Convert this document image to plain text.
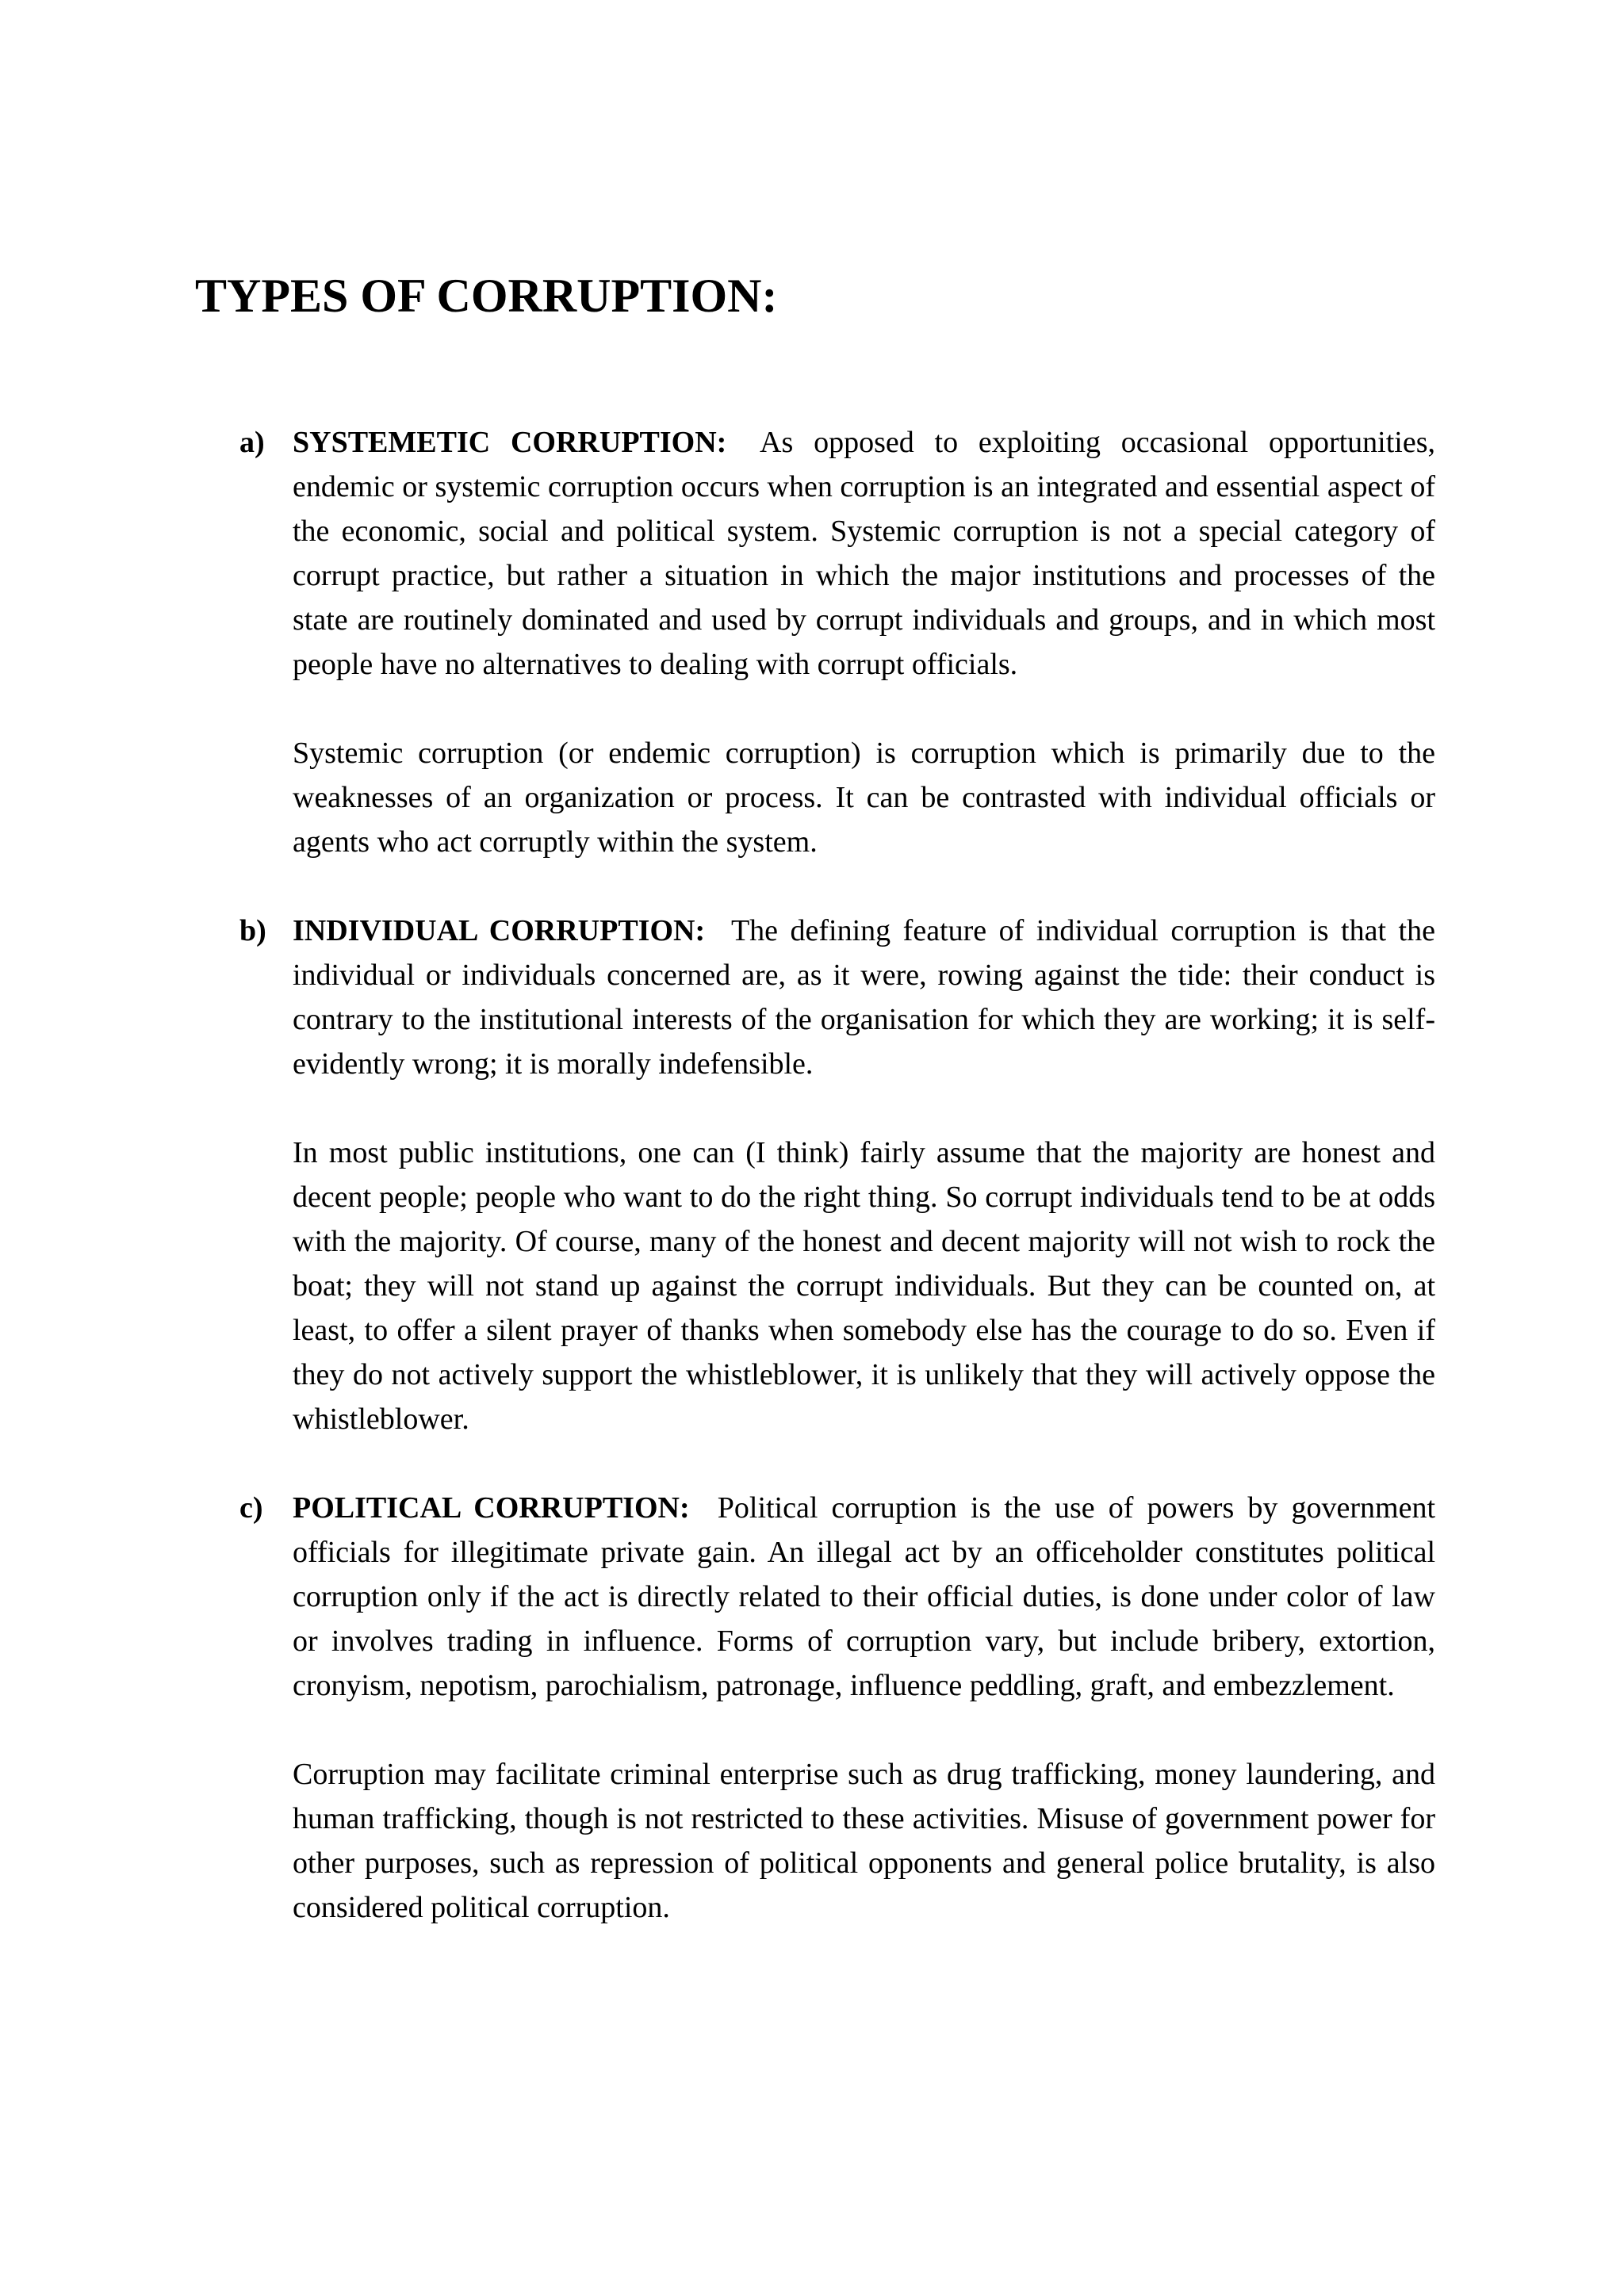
TYPES OF CORRUPTION:
a) SYSTEMETIC CORRUPTION: As opposed to exploiting occasional opportunities, endemic or systemic corruption occurs when corruption is an integrated and essential aspect of the economic, social and political system. Systemic corruption is not a special category of corrupt practice, but rather a situation in which the major institutions and processes of the state are routinely dominated and used by corrupt individuals and groups, and in which most people have no alternatives to dealing with corrupt officials.

Systemic corruption (or endemic corruption) is corruption which is primarily due to the weaknesses of an organization or process. It can be contrasted with individual officials or agents who act corruptly within the system.

b) INDIVIDUAL CORRUPTION: The defining feature of individual corruption is that the individual or individuals concerned are, as it were, rowing against the tide: their conduct is contrary to the institutional interests of the organisation for which they are working; it is self-evidently wrong; it is morally indefensible.

In most public institutions, one can (I think) fairly assume that the majority are honest and decent people; people who want to do the right thing. So corrupt individuals tend to be at odds with the majority. Of course, many of the honest and decent majority will not wish to rock the boat; they will not stand up against the corrupt individuals. But they can be counted on, at least, to offer a silent prayer of thanks when somebody else has the courage to do so. Even if they do not actively support the whistleblower, it is unlikely that they will actively oppose the whistleblower.

c) POLITICAL CORRUPTION: Political corruption is the use of powers by government officials for illegitimate private gain. An illegal act by an officeholder constitutes political corruption only if the act is directly related to their official duties, is done under color of law or involves trading in influence. Forms of corruption vary, but include bribery, extortion, cronyism, nepotism, parochialism, patronage, influence peddling, graft, and embezzlement.

Corruption may facilitate criminal enterprise such as drug trafficking, money laundering, and human trafficking, though is not restricted to these activities. Misuse of government power for other purposes, such as repression of political opponents and general police brutality, is also considered political corruption.
